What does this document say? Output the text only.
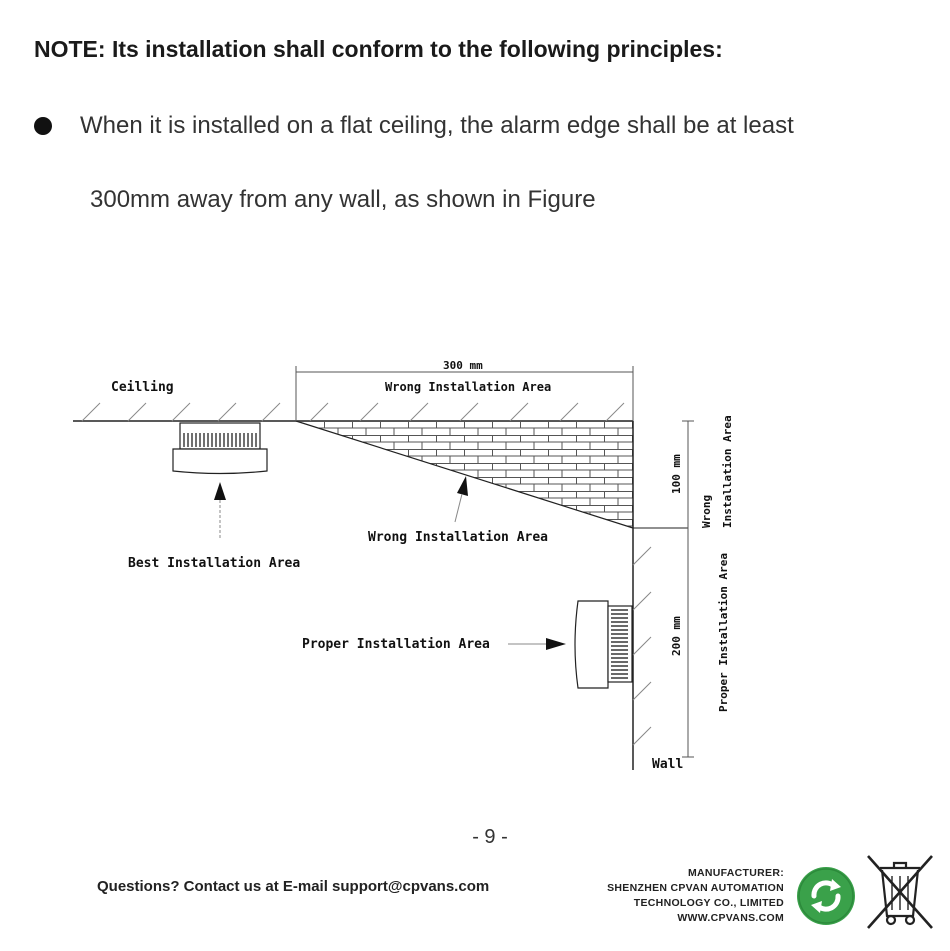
NOTE: Its installation shall conform to the following principles:
When it is installed on a flat ceiling, the alarm edge shall be at least
300mm away from any wall, as shown in Figure
300 mm
Wrong Installation Area
Ceilling
Best Installation Area
Wrong Installation Area
Proper Installation Area
Wall
100 mm
200 mm
Wrong Installation Area
Proper Installation Area
- 9 -
Questions? Contact us at E-mail support@cpvans.com
MANUFACTURER:
SHENZHEN CPVAN AUTOMATION
TECHNOLOGY CO., LIMITED
WWW.CPVANS.COM
